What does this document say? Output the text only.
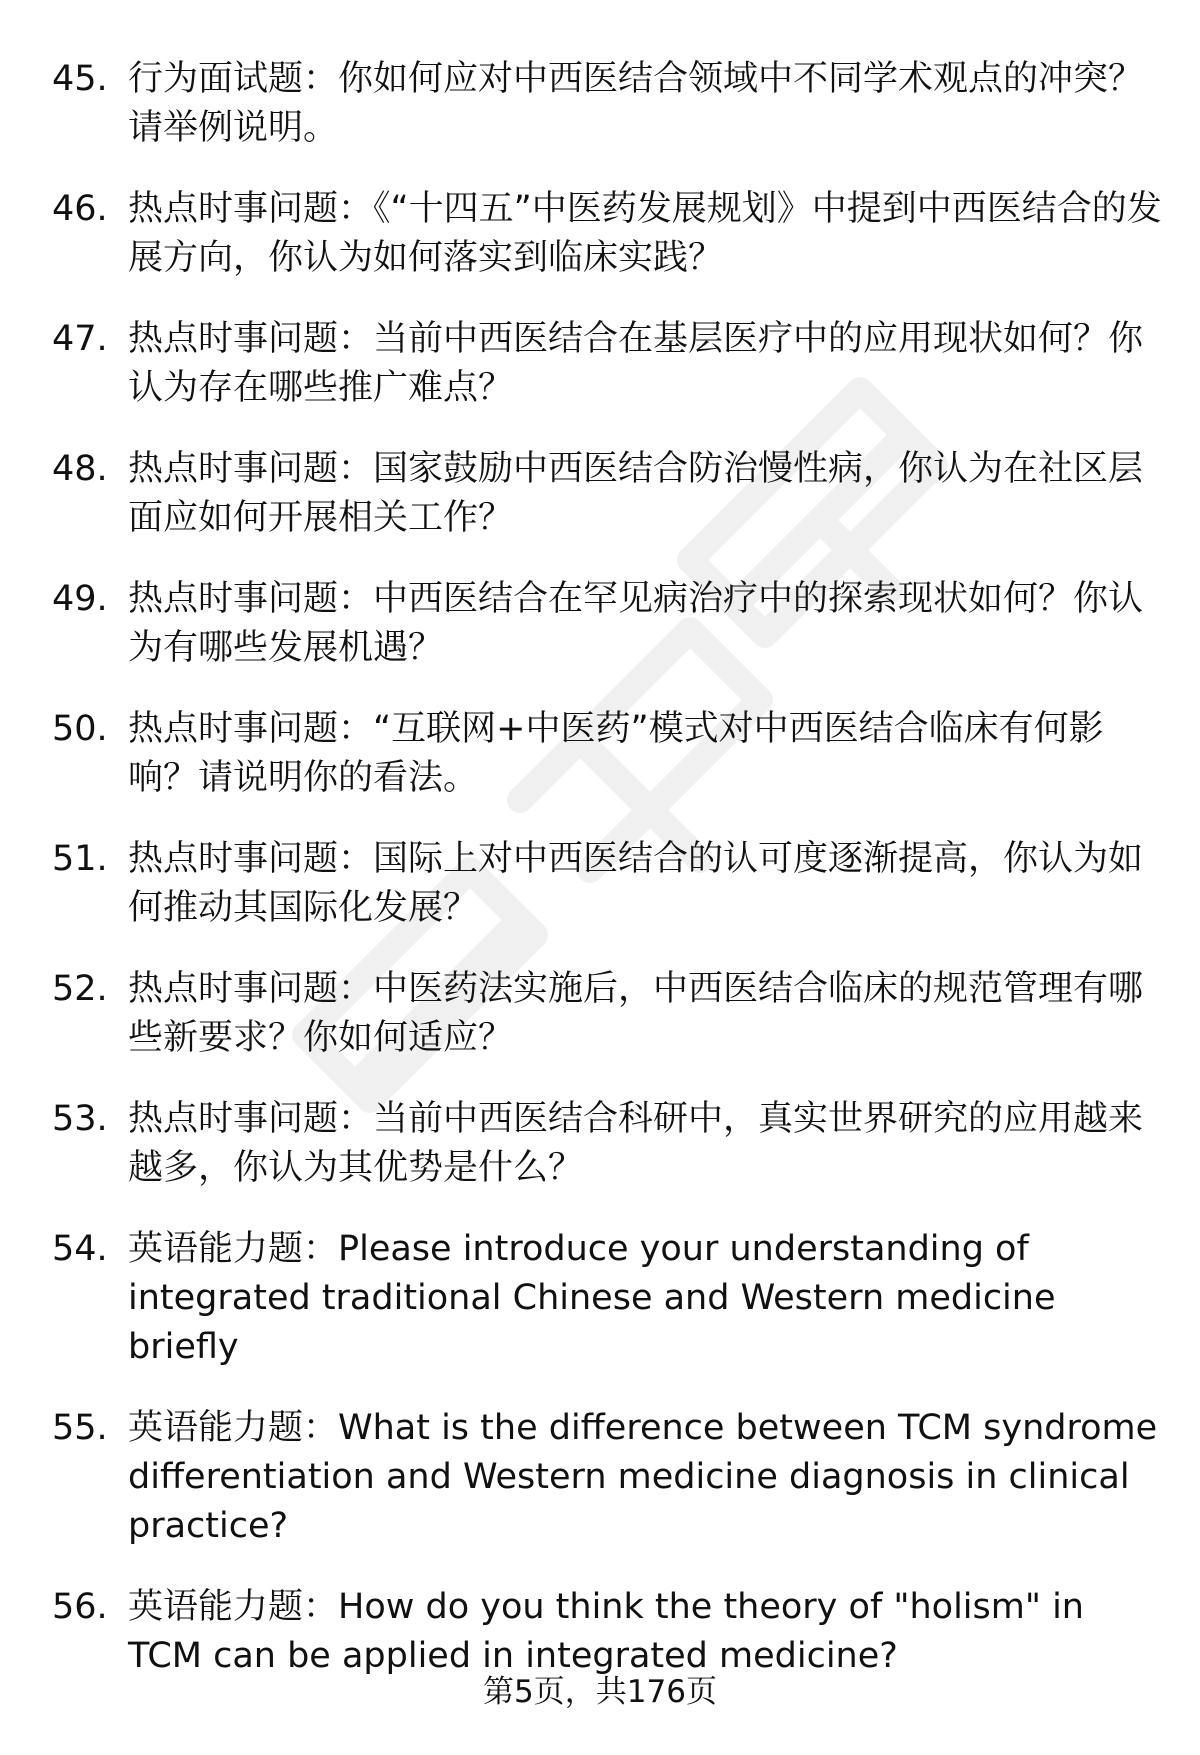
45. 行为面试题：你如何应对中西医结合领域中不同学术观点的冲突？请举例说明。
46. 热点时事问题：《“十四五”中医药发展规划》中提到中西医结合的发展方向，你认为如何落实到临床实践？
47. 热点时事问题：当前中西医结合在基层医疗中的应用现状如何？你认为存在哪些推广难点？
48. 热点时事问题：国家鼓励中西医结合防治慢性病，你认为在社区层面应如何开展相关工作？
49. 热点时事问题：中西医结合在罕见病治疗中的探索现状如何？你认为有哪些发展机遇？
50. 热点时事问题：“互联网+中医药”模式对中西医结合临床有何影响？请说明你的看法。
51. 热点时事问题：国际上对中西医结合的认可度逐渐提高，你认为如何推动其国际化发展？
52. 热点时事问题：中医药法实施后，中西医结合临床的规范管理有哪些新要求？你如何适应？
53. 热点时事问题：当前中西医结合科研中，真实世界研究的应用越来越多，你认为其优势是什么？
54. 英语能力题：Please introduce your understanding of integrated traditional Chinese and Western medicine briefly
55. 英语能力题：What is the difference between TCM syndrome differentiation and Western medicine diagnosis in clinical practice?
56. 英语能力题：How do you think the theory of "holism" in TCM can be applied in integrated medicine?
第5页，共176页
